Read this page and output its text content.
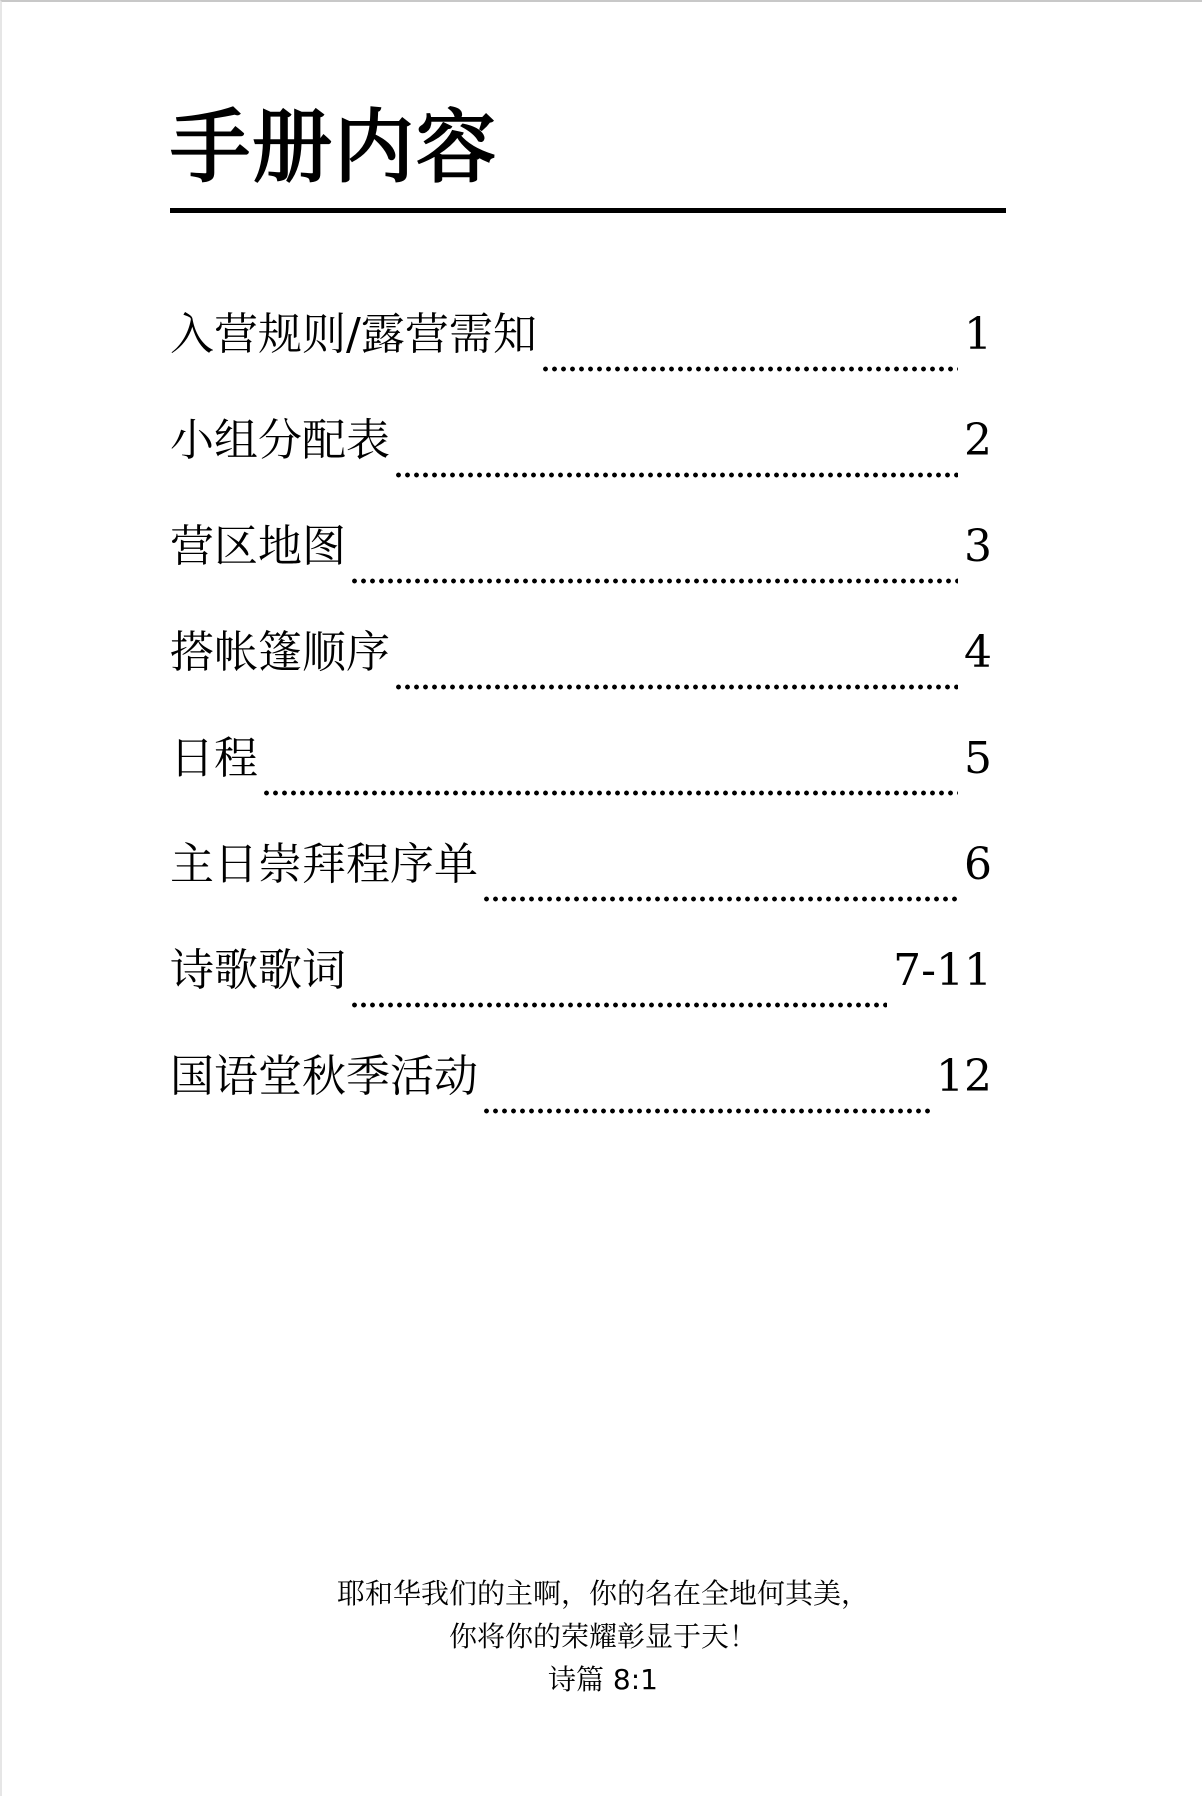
手册内容
入营规则/露营需知	1
小组分配表	2
营区地图	3
搭帐篷顺序	4
日程	5
主日崇拜程序单	6
诗歌歌词	7-11
国语堂秋季活动	12
耶和华我们的主啊，你的名在全地何其美，
你将你的荣耀彰显于天！
诗篇 8:1
